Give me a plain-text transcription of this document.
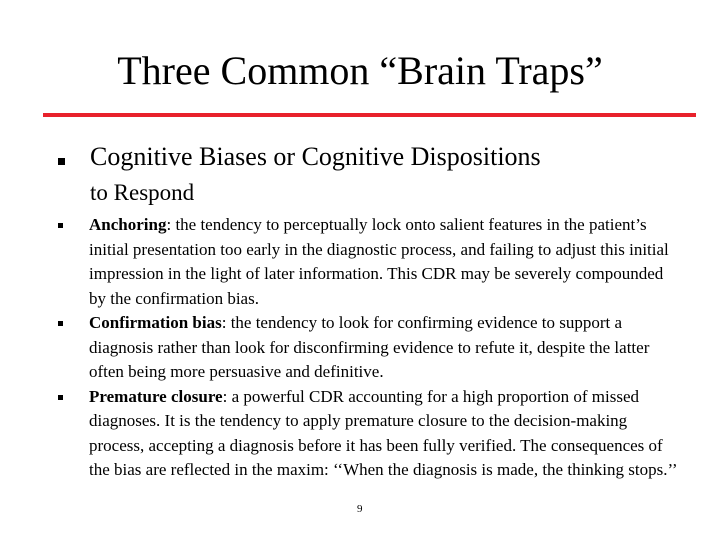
Three Common “Brain Traps”
Cognitive Biases or Cognitive Dispositions
to Respond
Anchoring: the tendency to perceptually lock onto salient features in the patient’s initial presentation too early in the diagnostic process, and failing to adjust this initial impression in the light of later information. This CDR may be severely compounded by the confirmation bias.
Confirmation bias: the tendency to look for confirming evidence to support a diagnosis rather than look for disconfirming evidence to refute it, despite the latter often being more persuasive and definitive.
Premature closure: a powerful CDR accounting for a high proportion of missed diagnoses. It is the tendency to apply premature closure to the decision-making process, accepting a diagnosis before it has been fully verified. The consequences of the bias are reflected in the maxim: ‘‘When the diagnosis is made, the thinking stops.’’
9
